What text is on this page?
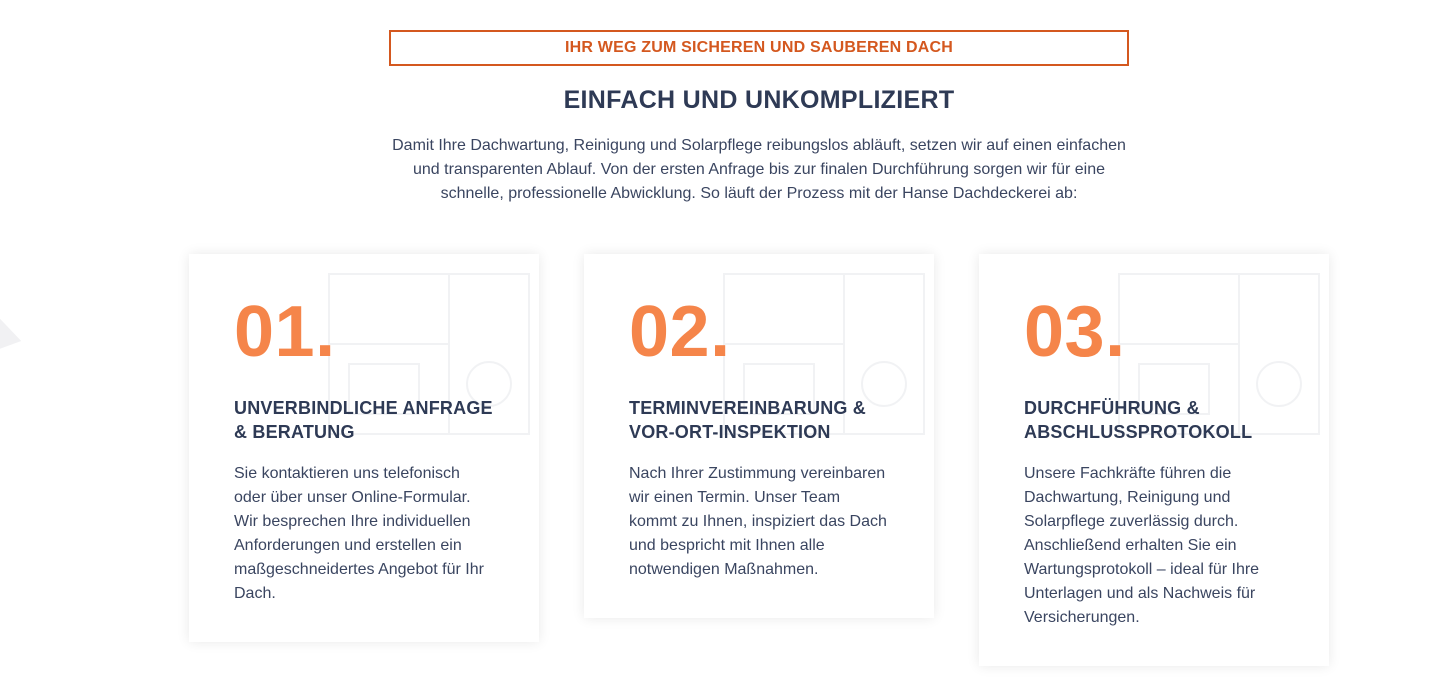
IHR WEG ZUM SICHEREN UND SAUBEREN DACH
EINFACH UND UNKOMPLIZIERT
Damit Ihre Dachwartung, Reinigung und Solarpflege reibungslos abläuft, setzen wir auf einen einfachen und transparenten Ablauf. Von der ersten Anfrage bis zur finalen Durchführung sorgen wir für eine schnelle, professionelle Abwicklung. So läuft der Prozess mit der Hanse Dachdeckerei ab:
01.
UNVERBINDLICHE ANFRAGE
& BERATUNG
Sie kontaktieren uns telefonisch
oder über unser Online-Formular.
Wir besprechen Ihre individuellen
Anforderungen und erstellen ein
maßgeschneidertes Angebot für Ihr
Dach.
02.
TERMINVEREINBARUNG &
VOR-ORT-INSPEKTION
Nach Ihrer Zustimmung vereinbaren
wir einen Termin. Unser Team
kommt zu Ihnen, inspiziert das Dach
und bespricht mit Ihnen alle
notwendigen Maßnahmen.
03.
DURCHFÜHRUNG &
ABSCHLUSSPROTOKOLL
Unsere Fachkräfte führen die
Dachwartung, Reinigung und
Solarpflege zuverlässig durch.
Anschließend erhalten Sie ein
Wartungsprotokoll – ideal für Ihre
Unterlagen und als Nachweis für
Versicherungen.
